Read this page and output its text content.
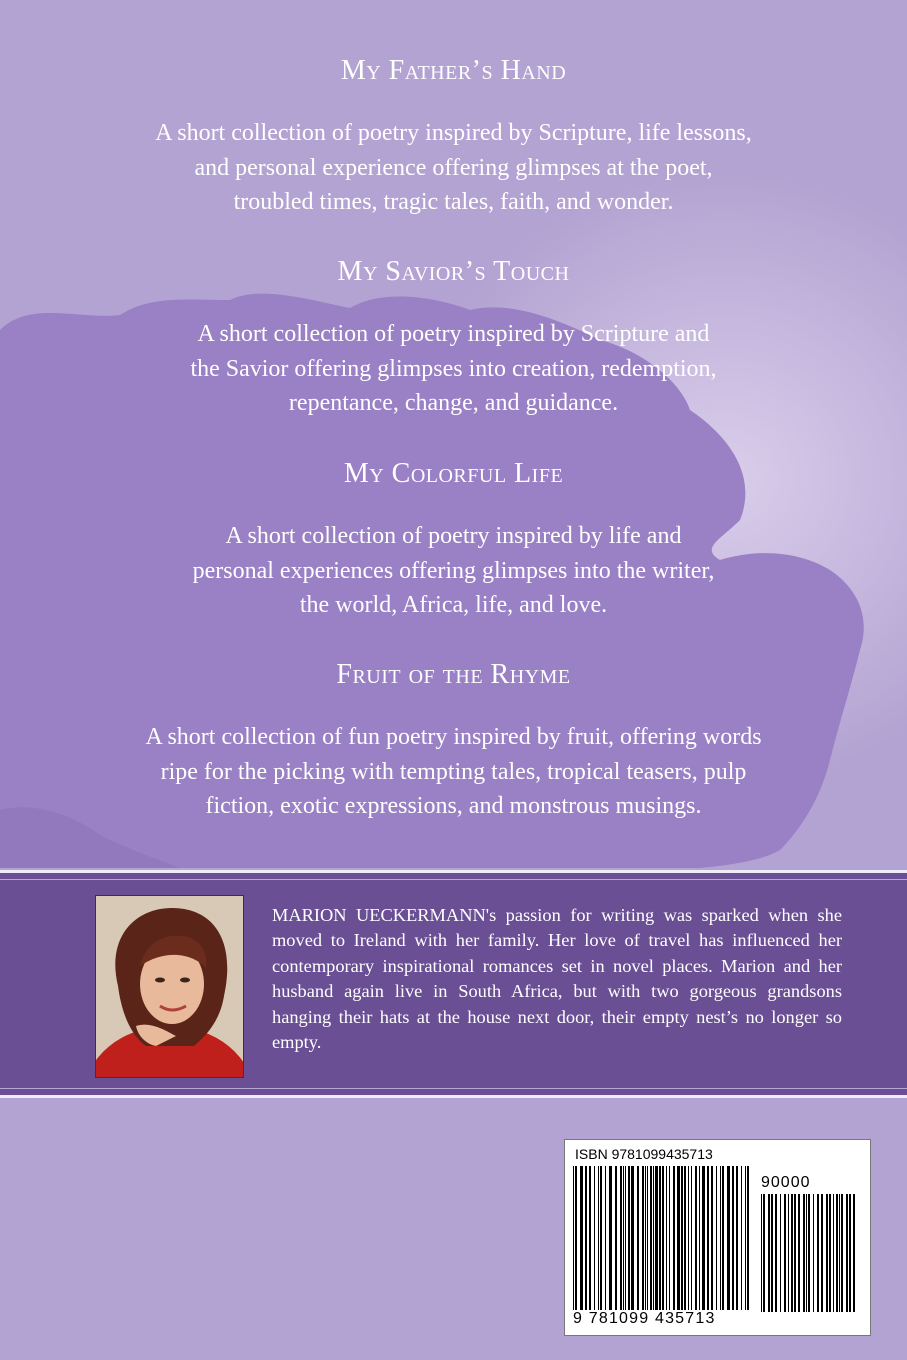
My Father’s Hand

A short collection of poetry inspired by Scripture, life lessons,

and personal experience offering glimpses at the poet,

troubled times, tragic tales, faith, and wonder.

My Savior’s Touch

A short collection of poetry inspired by Scripture and

the Savior offering glimpses into creation, redemption,

repentance, change, and guidance.

My Colorful Life

A short collection of poetry inspired by life and

personal experiences offering glimpses into the writer,

the world, Africa, life, and love.

Fruit of the Rhyme

A short collection of fun poetry inspired by fruit, offering words

ripe for the picking with tempting tales, tropical teasers, pulp

fiction, exotic expressions, and monstrous musings.

MARION UECKERMANN's passion for writing was sparked when she moved to Ireland with her family. Her love of travel has influenced her contemporary inspirational romances set in novel places. Marion and her husband again live in South Africa, but with two gorgeous grandsons hanging their hats at the house next door, their empty nest’s no longer so empty.

ISBN 9781099435713
90000
9 781099 435713
